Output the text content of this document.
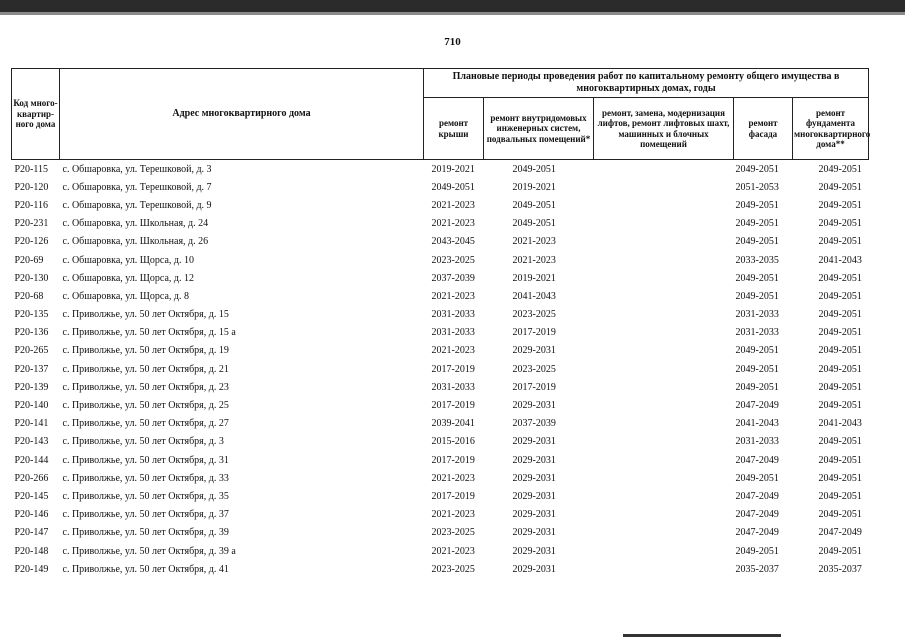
710
Код много-квартир-ного дома	Адрес многоквартирного дома	Плановые периоды проведения работ по капитальному ремонту общего имущества в многоквартирных домах, годы				
		ремонт крыши	ремонт внутридомовых инженерных систем, подвальных помещений*	ремонт, замена, модернизация лифтов, ремонт лифтовых шахт, машинных и блочных помещений	ремонт фасада	ремонт фундамента многоквартирного дома**
Р20-115	с. Обшаровка, ул. Терешковой, д. 3	2019-2021	2049-2051		2049-2051	2049-2051
Р20-120	с. Обшаровка, ул. Терешковой, д. 7	2049-2051	2019-2021		2051-2053	2049-2051
Р20-116	с. Обшаровка, ул. Терешковой, д. 9	2021-2023	2049-2051		2049-2051	2049-2051
Р20-231	с. Обшаровка, ул. Школьная, д. 24	2021-2023	2049-2051		2049-2051	2049-2051
Р20-126	с. Обшаровка, ул. Школьная, д. 26	2043-2045	2021-2023		2049-2051	2049-2051
Р20-69	с. Обшаровка, ул. Щорса, д. 10	2023-2025	2021-2023		2033-2035	2041-2043
Р20-130	с. Обшаровка, ул. Щорса, д. 12	2037-2039	2019-2021		2049-2051	2049-2051
Р20-68	с. Обшаровка, ул. Щорса, д. 8	2021-2023	2041-2043		2049-2051	2049-2051
Р20-135	с. Приволжье, ул. 50 лет Октября, д. 15	2031-2033	2023-2025		2031-2033	2049-2051
Р20-136	с. Приволжье, ул. 50 лет Октября, д. 15 а	2031-2033	2017-2019		2031-2033	2049-2051
Р20-265	с. Приволжье, ул. 50 лет Октября, д. 19	2021-2023	2029-2031		2049-2051	2049-2051
Р20-137	с. Приволжье, ул. 50 лет Октября, д. 21	2017-2019	2023-2025		2049-2051	2049-2051
Р20-139	с. Приволжье, ул. 50 лет Октября, д. 23	2031-2033	2017-2019		2049-2051	2049-2051
Р20-140	с. Приволжье, ул. 50 лет Октября, д. 25	2017-2019	2029-2031		2047-2049	2049-2051
Р20-141	с. Приволжье, ул. 50 лет Октября, д. 27	2039-2041	2037-2039		2041-2043	2041-2043
Р20-143	с. Приволжье, ул. 50 лет Октября, д. 3	2015-2016	2029-2031		2031-2033	2049-2051
Р20-144	с. Приволжье, ул. 50 лет Октября, д. 31	2017-2019	2029-2031		2047-2049	2049-2051
Р20-266	с. Приволжье, ул. 50 лет Октября, д. 33	2021-2023	2029-2031		2049-2051	2049-2051
Р20-145	с. Приволжье, ул. 50 лет Октября, д. 35	2017-2019	2029-2031		2047-2049	2049-2051
Р20-146	с. Приволжье, ул. 50 лет Октября, д. 37	2021-2023	2029-2031		2047-2049	2049-2051
Р20-147	с. Приволжье, ул. 50 лет Октября, д. 39	2023-2025	2029-2031		2047-2049	2047-2049
Р20-148	с. Приволжье, ул. 50 лет Октября, д. 39 а	2021-2023	2029-2031		2049-2051	2049-2051
Р20-149	с. Приволжье, ул. 50 лет Октября, д. 41	2023-2025	2029-2031		2035-2037	2035-2037
